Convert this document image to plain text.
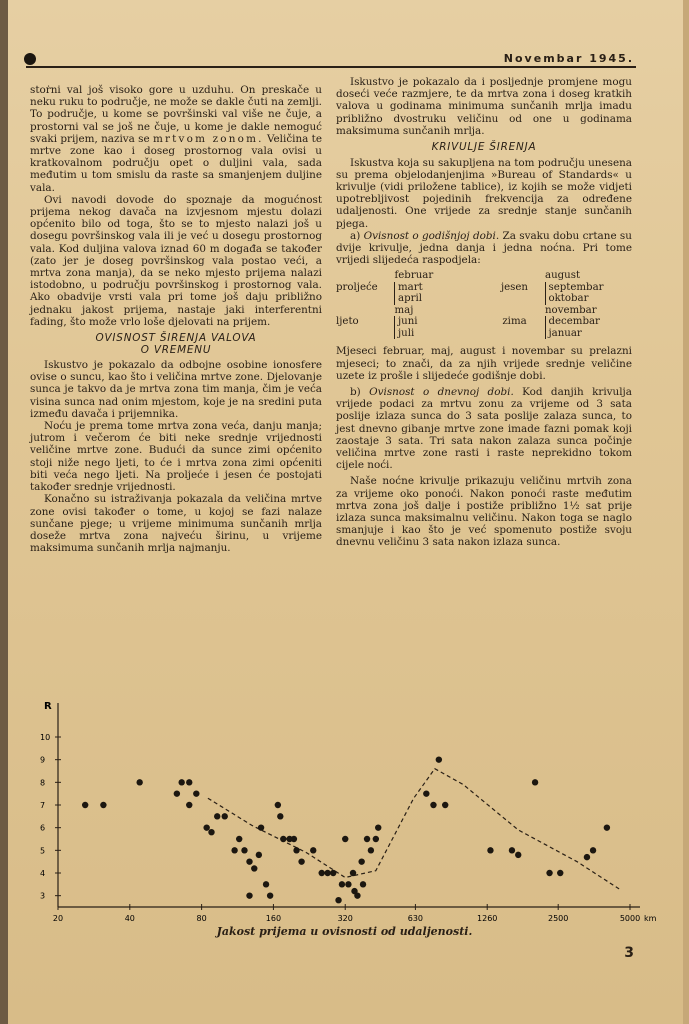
Novembar 1945.

stoṙni val još visoko gore u uzduhu. On preskače u neku ruku to područje, ne može se dakle čuti na zemlji. To područje, u kome se površinski val više ne čuje, a prostorni val se još ne čuje, u kome je dakle nemoguć svaki prijem, naziva se mrtvom zonom. Veličina te mrtve zone kao i doseg prostornog vala ovisi u kratkovalnom području opet o duljini vala, sada međutim u tom smislu da raste sa smanjenjem duljine vala.

Ovi navodi dovode do spoznaje da mogućnost prijema nekog davača na izvjesnom mjestu dolazi općenito bilo od toga, što se to mjesto nalazi još u dosegu površinskog vala ili je već u dosegu prostornog vala. Kod duljina valova iznad 60 m događa se također (zato jer je doseg površinskog vala postao veći, a mrtva zona manja), da se neko mjesto prijema nalazi istodobno, u području površinskog i prostornog vala. Ako obadvije vrsti vala pri tome još daju približno jednaku jakost prijema, nastaje jaki interferentni fading, što može vrlo loše djelovati na prijem.

OVISNOST ŠIRENJA VALOVA
O VREMENU

Iskustvo je pokazalo da odbojne osobine ionosfere ovise o suncu, kao što i veličina mrtve zone. Djelovanje sunca je takvo da je mrtva zona tim manja, čim je veća visina sunca nad onim mjestom, koje je na sredini puta između davača i prijemnika.

Noću je prema tome mrtva zona veća, danju manja; jutrom i večerom će biti neke srednje vrijednosti veličine mrtve zone. Budući da sunce zimi općenito stoji niže nego ljeti, to će i mrtva zona zimi općeniti biti veća nego ljeti. Na proljeće i jesen će postojati također srednje vrijednosti.

Konačno su istraživanja pokazala da veličina mrtve zone ovisi također o tome, u kojoj se fazi nalaze sunčane pjege; u vrijeme minimuma sunčanih mrlja doseže mrtva zona najveću širinu, u vrijeme maksimuma sunčanih mrlja najmanju.

Iskustvo je pokazalo da i posljednje promjene mogu doseći veće razmjere, te da mrtva zona i doseg kratkih valova u godinama minimuma sunčanih mrlja imadu približno dvostruku veličinu od one u godinama maksimuma sunčanih mrlja.

KRIVULJE ŠIRENJA

Iskustva koja su sakupljena na tom području unesena su prema objelodanjenjima »Bureau of Standards« u krivulje (vidi priložene tablice), iz kojih se može vidjeti upotrebljivost pojedinih frekvencija za određene udaljenosti. One vrijede za srednje stanje sunčanih pjega.

a) Ovisnost o godišnjoj dobi. Za svaku dobu crtane su dvije krivulje, jedna danja i jedna noćna. Pri tome vrijedi slijedeća raspodjela:

proljeće	februar	jesen	august
	mart		septembar
	april		oktobar
ljeto	maj	zima	novembar
	juni		decembar
	juli		januar

Mjeseci februar, maj, august i novembar su prelazni mjeseci; to znači, da za njih vrijede srednje veličine uzete iz prošle i slijedeće godišnje dobi.

b) Ovisnost o dnevnoj dobi. Kod danjih krivulja vrijede podaci za mrtvu zonu za vrijeme od 3 sata poslije izlaza sunca do 3 sata poslije zalaza sunca, to jest dnevno gibanje mrtve zone imade fazni pomak koji zaostaje 3 sata. Tri sata nakon zalaza sunca počinje veličina mrtve zone rasti i raste neprekidno tokom cijele noći.

Naše noćne krivulje prikazuju veličinu mrtvih zona za vrijeme oko ponoći. Nakon ponoći raste međutim mrtva zona još dalje i postiže približno 1½ sat prije izlaza sunca maksimalnu veličinu. Nakon toga se naglo smanjuje i kao što je već spomenuto postiže svoju dnevnu veličinu 3 sata nakon izlaza sunca.

R
3
4
5
6
7
8
9
10
20	40	80	160	320	630	1260	2500	5000 km
Jakost prijema u ovisnosti od udaljenosti.
3
